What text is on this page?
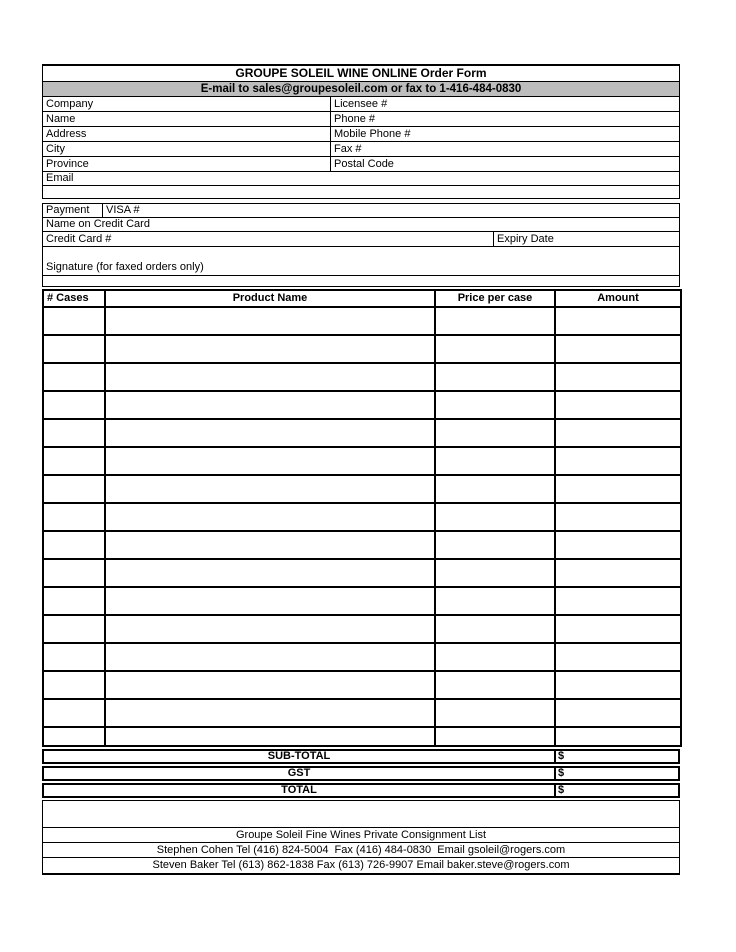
GROUPE SOLEIL WINE ONLINE Order Form
E-mail to sales@groupesoleil.com or fax to 1-416-484-0830
Company	Licensee #
Name	Phone #
Address	Mobile Phone #
City	Fax #
Province	Postal Code
Email
Payment	VISA #
Name on Credit Card
Credit Card #	Expiry Date
Signature (for faxed orders only)
# Cases	Product Name	Price per case	Amount

SUB-TOTAL	$
GST	$
TOTAL	$
Groupe Soleil Fine Wines Private Consignment List
Stephen Cohen Tel (416) 824-5004  Fax (416) 484-0830  Email gsoleil@rogers.com
Steven Baker Tel (613) 862-1838 Fax (613) 726-9907 Email baker.steve@rogers.com
